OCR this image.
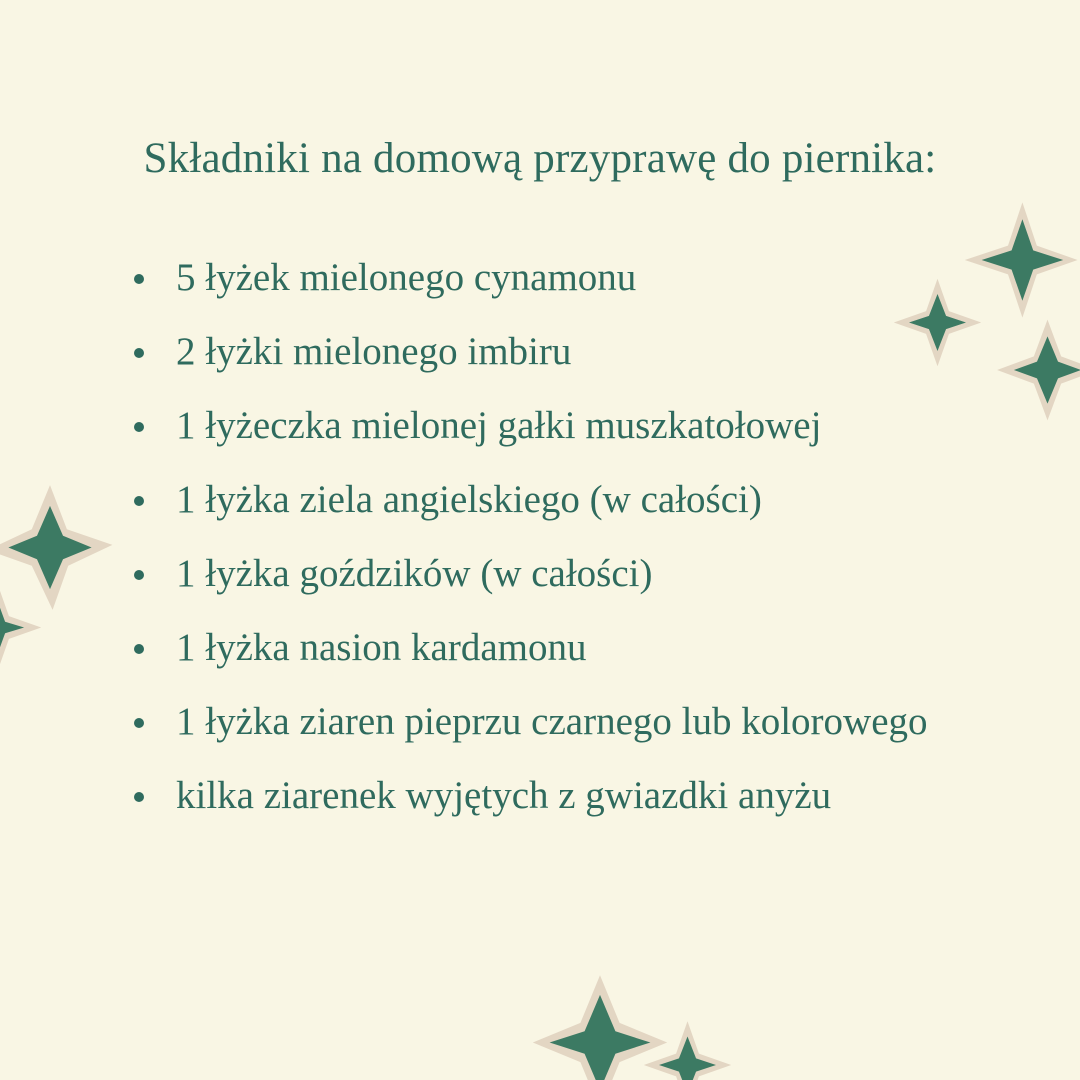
Składniki na domową przyprawę do piernika:
5 łyżek mielonego cynamonu
2 łyżki mielonego imbiru
1 łyżeczka mielonej gałki muszkatołowej
1 łyżka ziela angielskiego (w całości)
1 łyżka goździków (w całości)
1 łyżka nasion kardamonu
1 łyżka ziaren pieprzu czarnego lub kolorowego
kilka ziarenek wyjętych z gwiazdki anyżu
